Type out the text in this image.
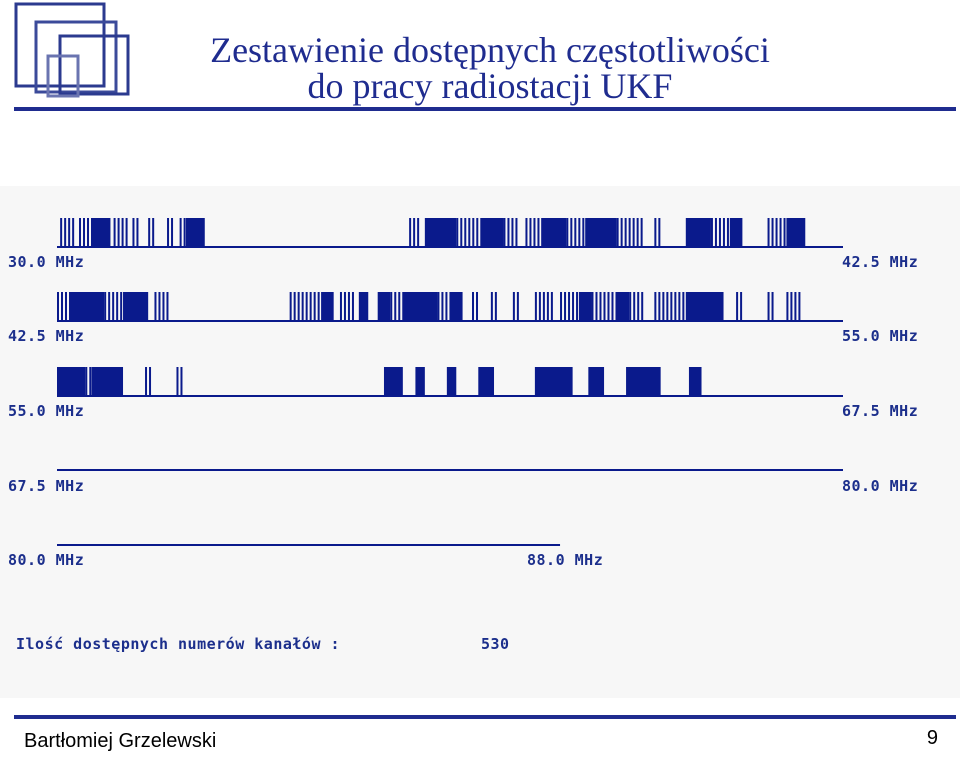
Zestawienie dostępnych częstotliwości
do pracy radiostacji UKF
30.0 MHz	42.5 MHz
42.5 MHz	55.0 MHz
55.0 MHz	67.5 MHz
67.5 MHz	80.0 MHz
80.0 MHz	88.0 MHz
Ilość dostępnych numerów kanałów :	530
Bartłomiej Grzelewski	9
